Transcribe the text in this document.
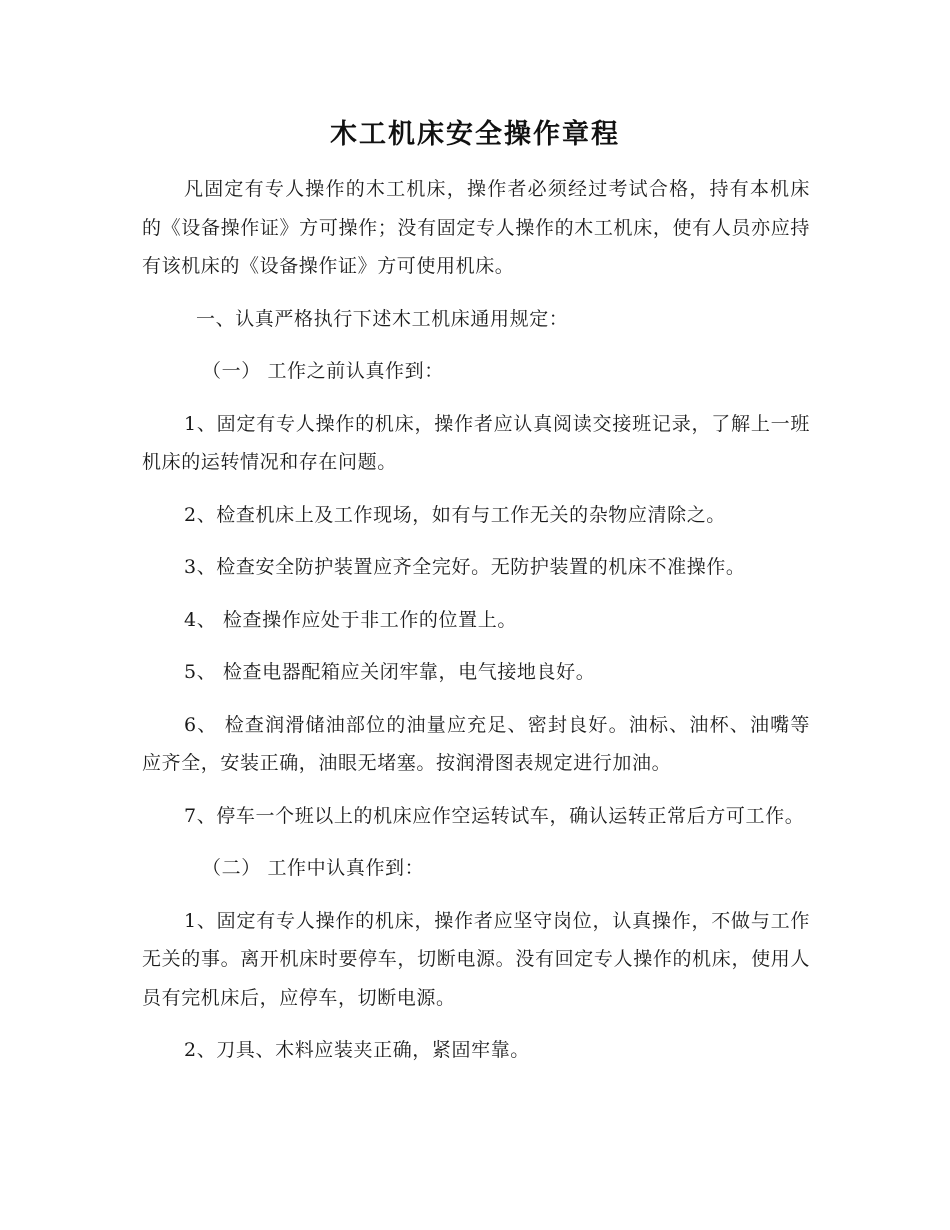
木工机床安全操作章程

凡固定有专人操作的木工机床，操作者必须经过考试合格，持有本机床的《设备操作证》方可操作；没有固定专人操作的木工机床，使有人员亦应持有该机床的《设备操作证》方可使用机床。

一、认真严格执行下述木工机床通用规定：

（一） 工作之前认真作到：

1、固定有专人操作的机床，操作者应认真阅读交接班记录，了解上一班机床的运转情况和存在问题。

2、检查机床上及工作现场，如有与工作无关的杂物应清除之。

3、检查安全防护装置应齐全完好。无防护装置的机床不准操作。

4、 检查操作应处于非工作的位置上。

5、 检查电器配箱应关闭牢靠，电气接地良好。

6、 检查润滑储油部位的油量应充足、密封良好。油标、油杯、油嘴等应齐全，安装正确，油眼无堵塞。按润滑图表规定进行加油。

7、停车一个班以上的机床应作空运转试车，确认运转正常后方可工作。

（二） 工作中认真作到：

1、固定有专人操作的机床，操作者应坚守岗位，认真操作，不做与工作无关的事。离开机床时要停车，切断电源。没有回定专人操作的机床，使用人员有完机床后，应停车，切断电源。

2、刀具、木料应装夹正确，紧固牢靠。
